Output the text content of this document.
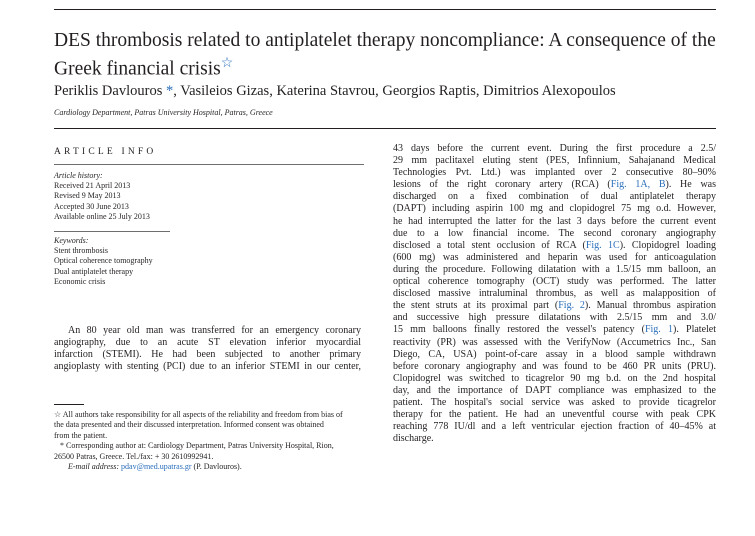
DES thrombosis related to antiplatelet therapy noncompliance: A consequence of the
Greek financial crisis☆
Periklis Davlouros *, Vasileios Gizas, Katerina Stavrou, Georgios Raptis, Dimitrios Alexopoulos
Cardiology Department, Patras University Hospital, Patras, Greece
ARTICLE INFO
Article history:
Received 21 April 2013
Revised 9 May 2013
Accepted 30 June 2013
Available online 25 July 2013
Keywords:
Stent thrombosis
Optical coherence tomography
Dual antiplatelet therapy
Economic crisis
An 80 year old man was transferred for an emergency coronary
angiography, due to an acute ST elevation inferior myocardial
infarction (STEMI). He had been subjected to another primary
angioplasty with stenting (PCI) due to an inferior STEMI in our center,
☆ All authors take responsibility for all aspects of the reliability and freedom from bias of
the data presented and their discussed interpretation. Informed consent was obtained
from the patient.
* Corresponding author at: Cardiology Department, Patras University Hospital, Rion,
26500 Patras, Greece. Tel./fax: + 30 2610992941.
E-mail address: pdav@med.upatras.gr (P. Davlouros).
43 days before the current event. During the first procedure a 2.5/
29 mm paclitaxel eluting stent (PES, Infinnium, Sahajanand Medical
Technologies Pvt. Ltd.) was implanted over 2 consecutive 80–90%
lesions of the right coronary artery (RCA) (Fig. 1A, B). He was
discharged on a fixed combination of dual antiplatelet therapy
(DAPT) including aspirin 100 mg and clopidogrel 75 mg o.d. However,
he had interrupted the latter for the last 3 days before the current event
due to a low financial income. The second coronary angiography
disclosed a total stent occlusion of RCA (Fig. 1C). Clopidogrel loading
(600 mg) was administered and heparin was used for anticoagulation
during the procedure. Following dilatation with a 1.5/15 mm balloon, an
optical coherence tomography (OCT) study was performed. The latter
disclosed massive intraluminal thrombus, as well as malapposition of
the stent struts at its proximal part (Fig. 2). Manual thrombus aspiration
and successive high pressure dilatations with 2.5/15 mm and 3.0/
15 mm balloons finally restored the vessel's patency (Fig. 1). Platelet
reactivity (PR) was assessed with the VerifyNow (Accumetrics Inc., San
Diego, CA, USA) point-of-care assay in a blood sample withdrawn
before coronary angiography and was found to be 460 PR units (PRU).
Clopidogrel was switched to ticagrelor 90 mg b.d. on the 2nd hospital
day, and the importance of DAPT compliance was emphasized to the
patient. The hospital's social service was asked to provide ticagrelor
therapy for the patient. He had an uneventful course with peak CPK
reaching 778 IU/dl and a left ventricular ejection fraction of 40–45% at
discharge.
